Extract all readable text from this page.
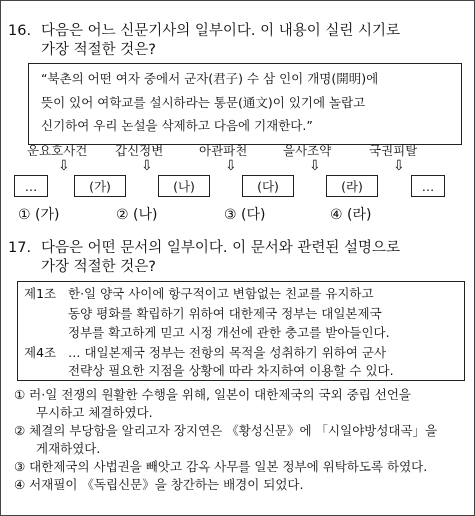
16. 다음은 어느 신문기사의 일부이다. 이 내용이 실린 시기로
가장 적절한 것은?
“북촌의 어떤 여자 중에서 군자(君子) 수 삼 인이 개명(開明)에
뜻이 있어 여학교를 설시하라는 통문(通文)이 있기에 놀랍고
신기하여 우리 논설을 삭제하고 다음에 기재한다.”
운요호사건 갑신정변	아관파천	을사조약	국권피탈
⇩	⇩	⇩	⇩	⇩
…	(가)	(나)	(다)	(라)	…
① (가)	② (나)	③ (다)	④ (라)
17. 다음은 어떤 문서의 일부이다. 이 문서와 관련된 설명으로
가장 적절한 것은?
제1조 한·일 양국 사이에 항구적이고 변함없는 친교를 유지하고
동양 평화를 확립하기 위하여 대한제국 정부는 대일본제국
정부를 확고하게 믿고 시정 개선에 관한 충고를 받아들인다.
제4조 … 대일본제국 정부는 전항의 목적을 성취하기 위하여 군사
전략상 필요한 지점을 상황에 따라 차지하여 이용할 수 있다.
① 러·일 전쟁의 원활한 수행을 위해, 일본이 대한제국의 국외 중립 선언을
무시하고 체결하였다.
② 체결의 부당함을 알리고자 장지연은 《황성신문》에 「시일야방성대곡」을
게재하였다.
③ 대한제국의 사법권을 빼앗고 감옥 사무를 일본 정부에 위탁하도록 하였다.
④ 서재필이 《독립신문》을 창간하는 배경이 되었다.
